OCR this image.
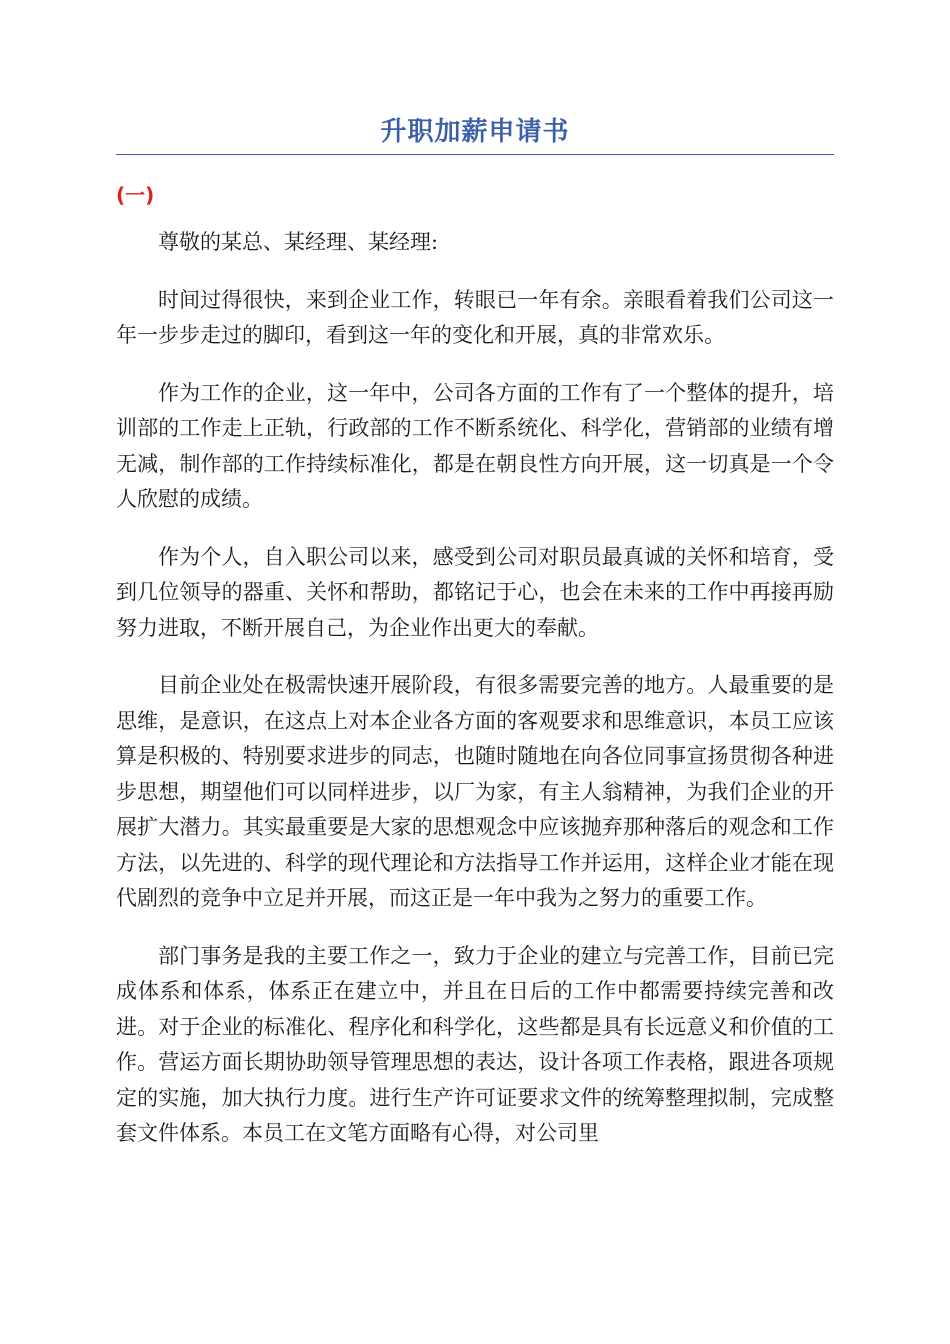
升职加薪申请书
(一)

尊敬的某总、某经理、某经理:

时间过得很快，来到企业工作，转眼已一年有余。亲眼看着我们公司这一年一步步走过的脚印，看到这一年的变化和开展，真的非常欢乐。

作为工作的企业，这一年中，公司各方面的工作有了一个整体的提升，培训部的工作走上正轨，行政部的工作不断系统化、科学化，营销部的业绩有增无减，制作部的工作持续标准化，都是在朝良性方向开展，这一切真是一个令人欣慰的成绩。

作为个人，自入职公司以来，感受到公司对职员最真诚的关怀和培育，受到几位领导的器重、关怀和帮助，都铭记于心，也会在未来的工作中再接再励努力进取，不断开展自己，为企业作出更大的奉献。

目前企业处在极需快速开展阶段，有很多需要完善的地方。人最重要的是思维，是意识，在这点上对本企业各方面的客观要求和思维意识，本员工应该算是积极的、特别要求进步的同志，也随时随地在向各位同事宣扬贯彻各种进步思想，期望他们可以同样进步，以厂为家，有主人翁精神，为我们企业的开展扩大潜力。其实最重要是大家的思想观念中应该抛弃那种落后的观念和工作方法，以先进的、科学的现代理论和方法指导工作并运用，这样企业才能在现代剧烈的竞争中立足并开展，而这正是一年中我为之努力的重要工作。

部门事务是我的主要工作之一，致力于企业的建立与完善工作，目前已完成体系和体系，体系正在建立中，并且在日后的工作中都需要持续完善和改进。对于企业的标准化、程序化和科学化，这些都是具有长远意义和价值的工作。营运方面长期协助领导管理思想的表达，设计各项工作表格，跟进各项规定的实施，加大执行力度。进行生产许可证要求文件的统筹整理拟制，完成整套文件体系。本员工在文笔方面略有心得，对公司里
